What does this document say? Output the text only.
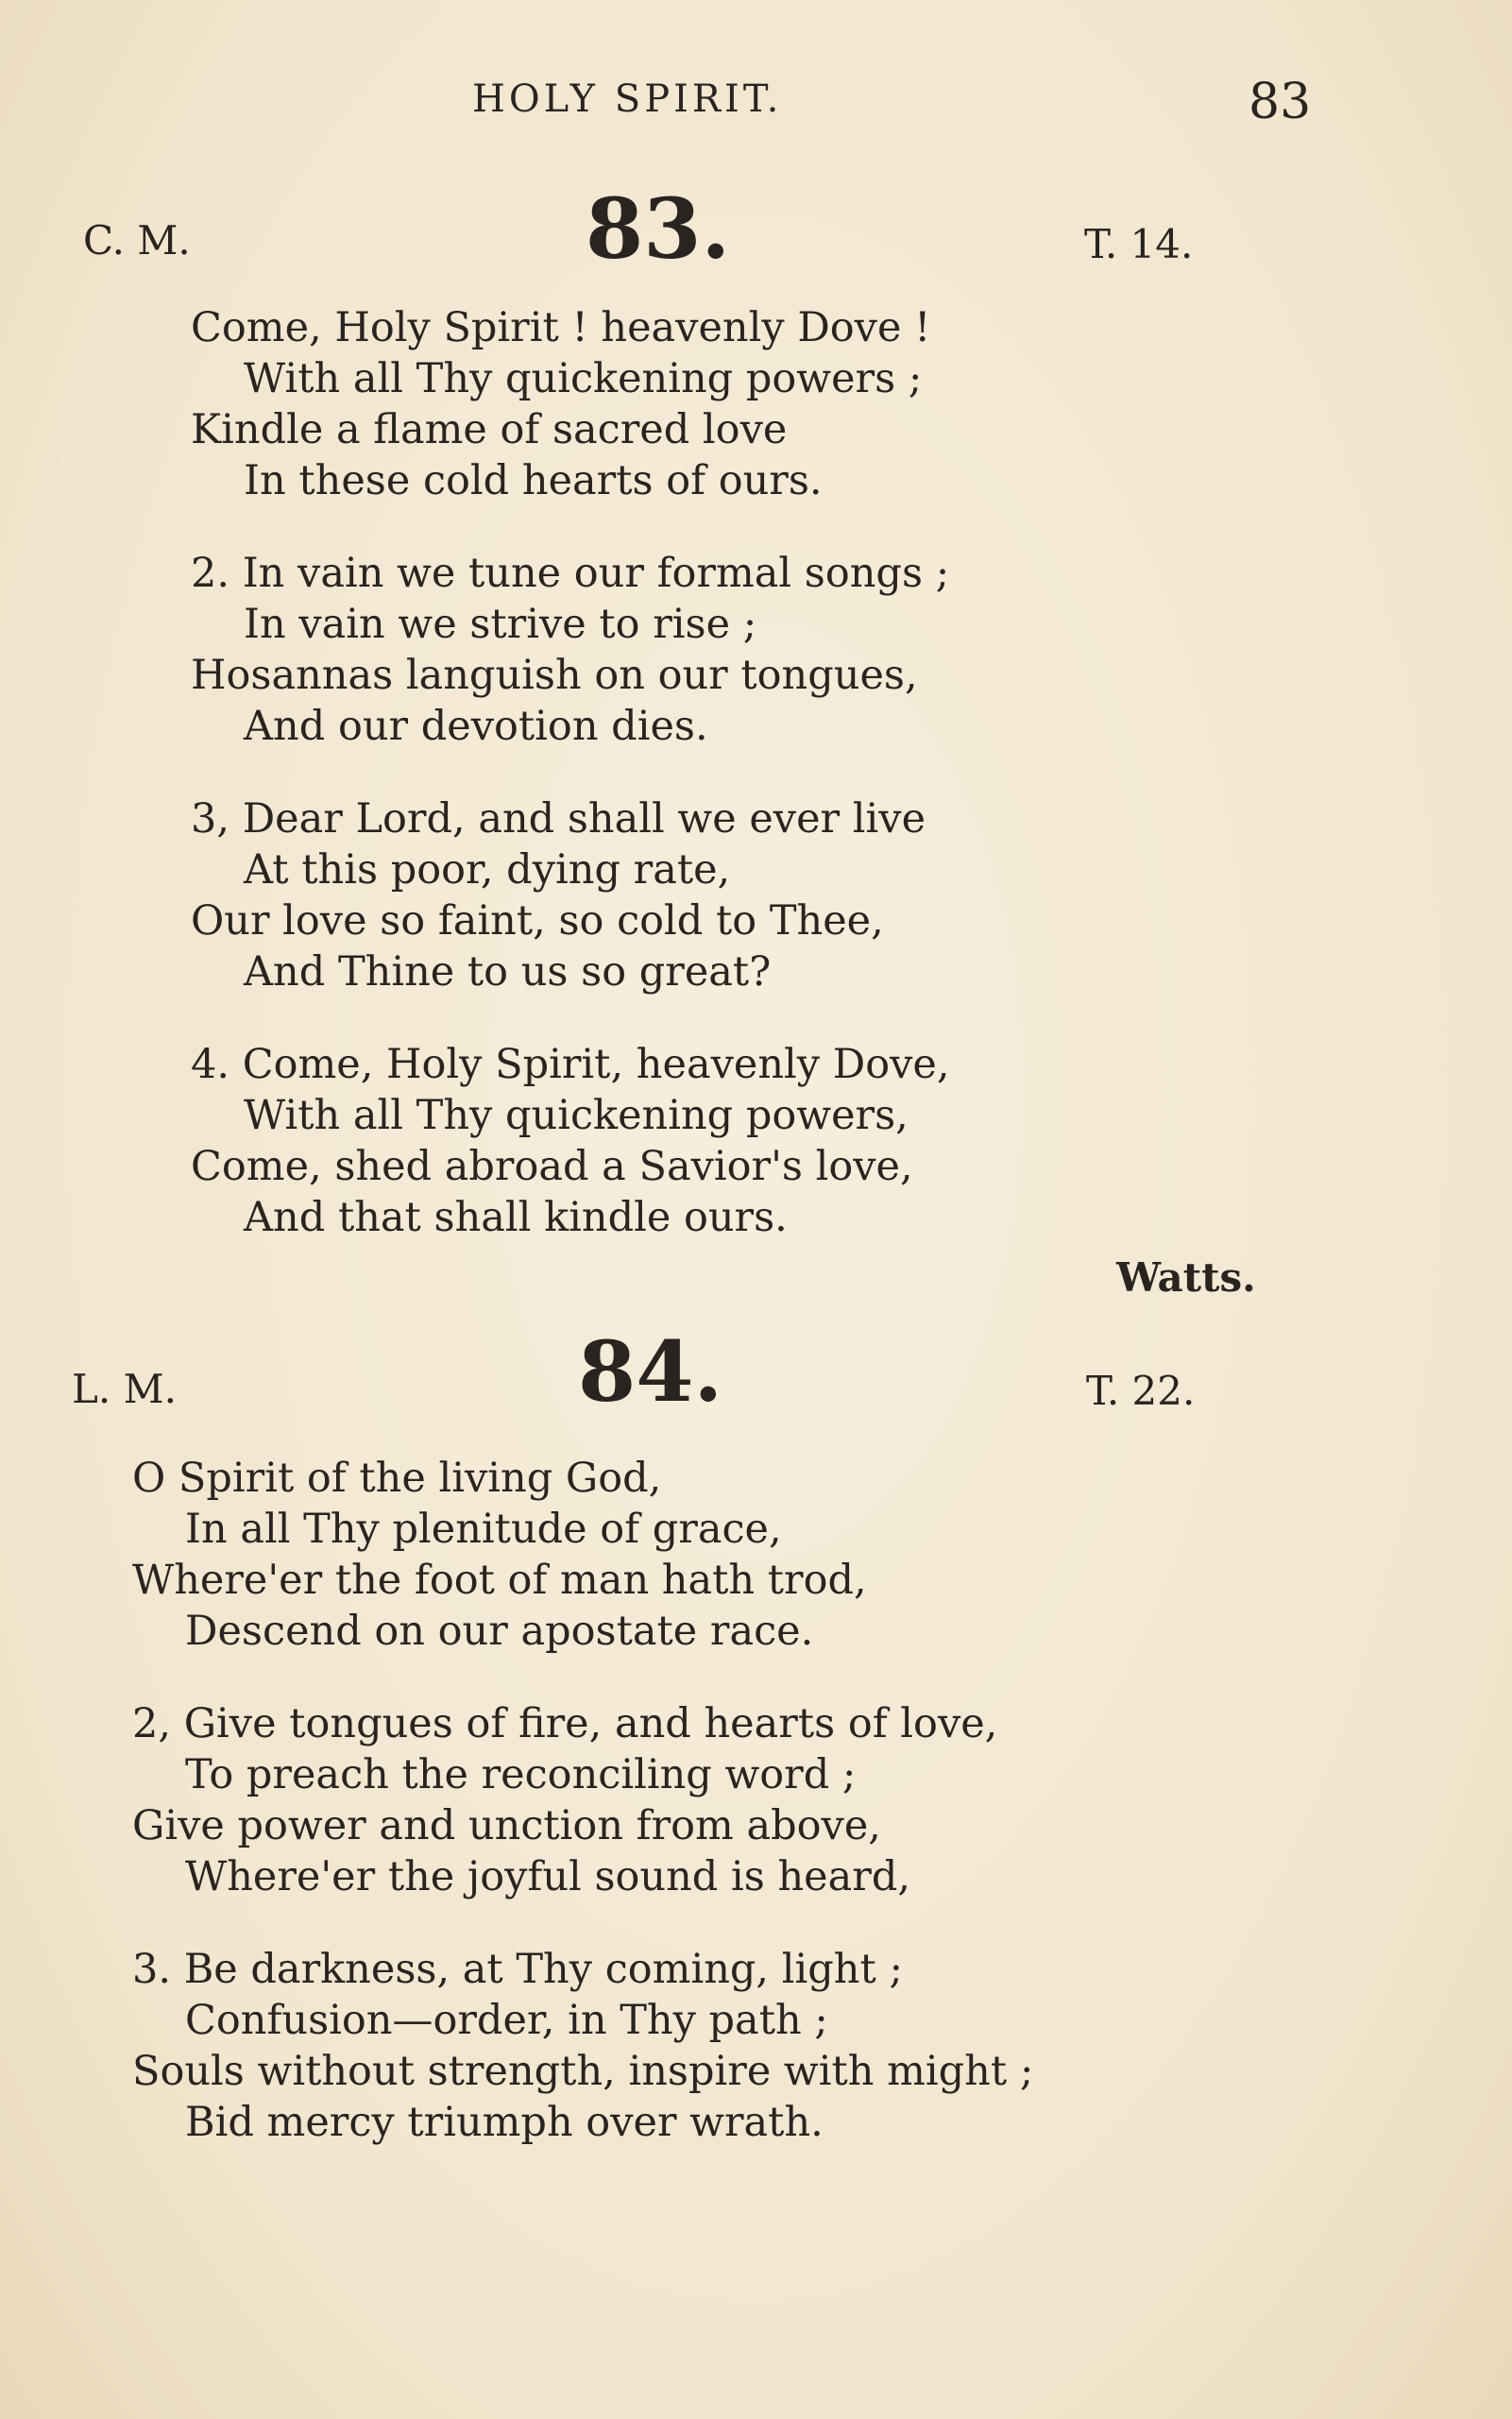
HOLY SPIRIT.	83
C. M.	83.	T. 14.
Come, Holy Spirit ! heavenly Dove !
With all Thy quickening powers ;
Kindle a flame of sacred love
In these cold hearts of ours.
2. In vain we tune our formal songs ;
In vain we strive to rise ;
Hosannas languish on our tongues,
And our devotion dies.
3, Dear Lord, and shall we ever live
At this poor, dying rate,
Our love so faint, so cold to Thee,
And Thine to us so great?
4. Come, Holy Spirit, heavenly Dove,
With all Thy quickening powers,
Come, shed abroad a Savior's love,
And that shall kindle ours.
Watts.
L. M.	84.	T. 22.
O Spirit of the living God,
In all Thy plenitude of grace,
Where'er the foot of man hath trod,
Descend on our apostate race.
2, Give tongues of fire, and hearts of love,
To preach the reconciling word ;
Give power and unction from above,
Where'er the joyful sound is heard,
3. Be darkness, at Thy coming, light ;
Confusion—order, in Thy path ;
Souls without strength, inspire with might ;
Bid mercy triumph over wrath.
